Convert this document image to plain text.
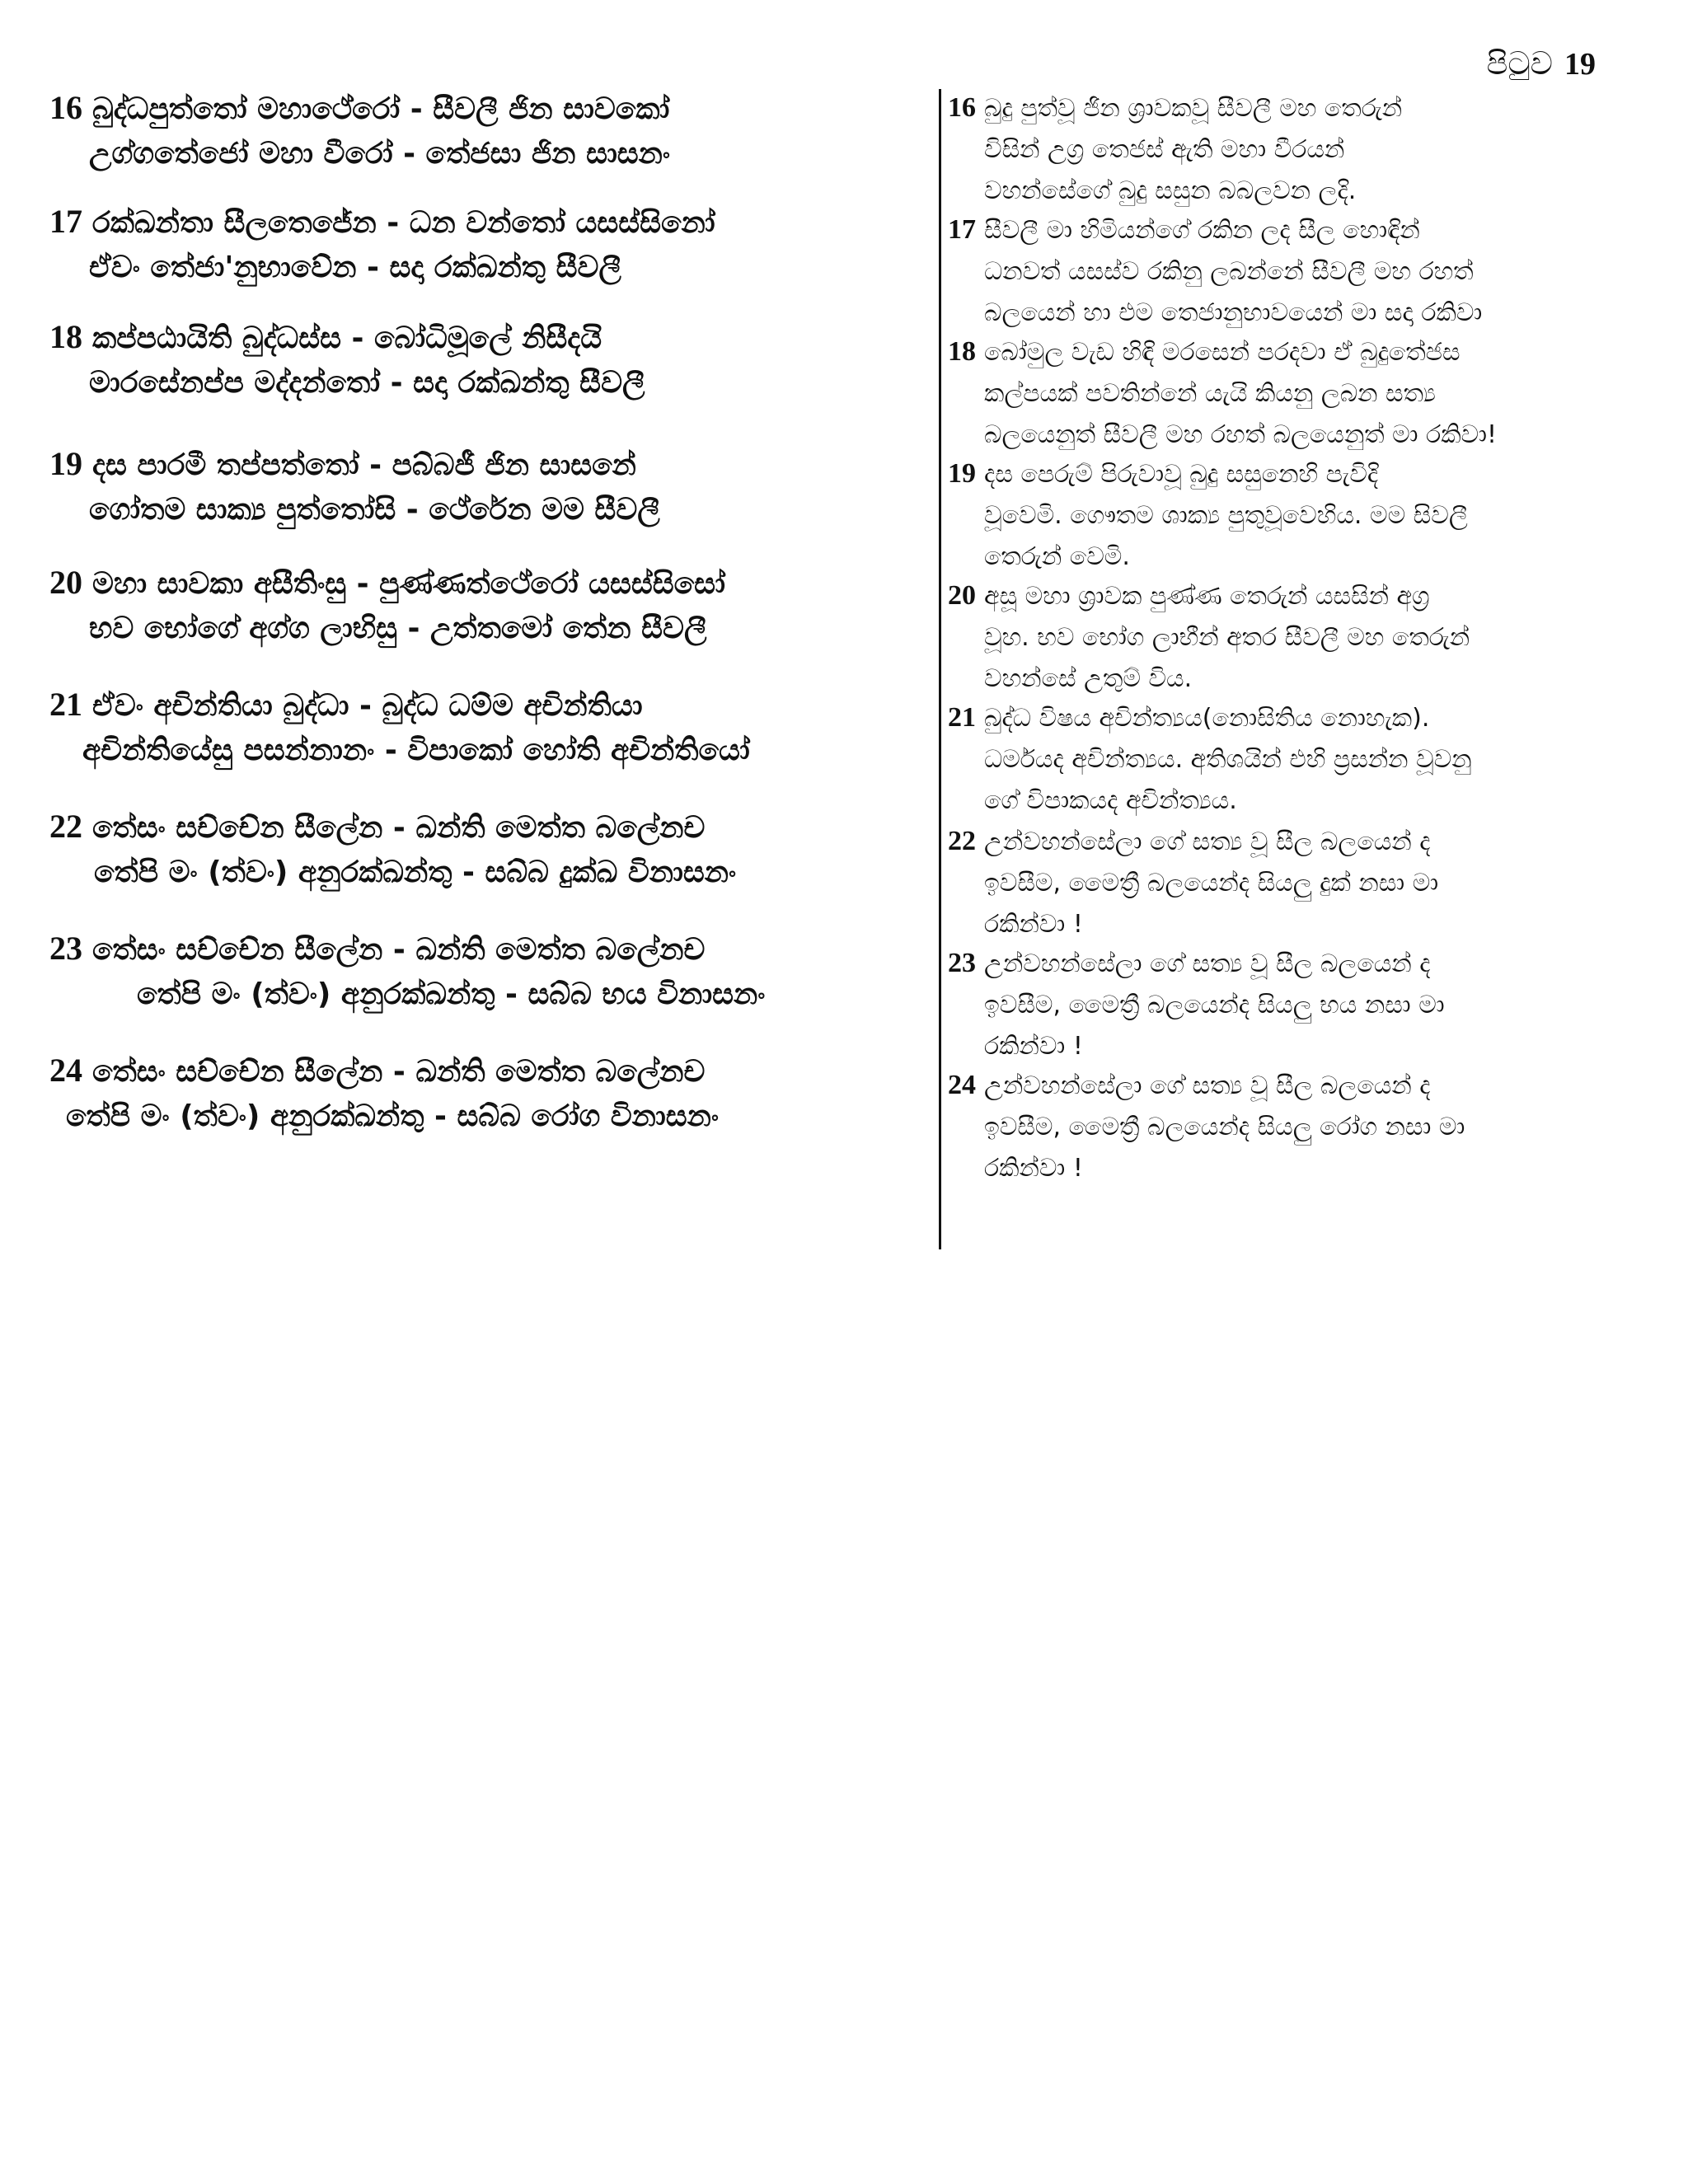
පිටුව 19
16 බුද්ධපුත්තෝ මහාථේරෝ - සීවලී ජින සාවකෝ
උග්ගතේජෝ මහා වීරෝ - තේජසා ජින සාසනං
17 රක්ඛන්තා සීලතෙජේන - ධන වන්තෝ යසස්සිනෝ
ඒවං තේජා'නුභාවේන - සදා රක්ඛන්තු සීවලී
18 කප්පඨායිති බුද්ධස්ස - බෝධිමූලේ නිසීදයි
මාරසේනප්ප මද්දන්තෝ - සදා රක්ඛන්තු සීවලී
19 දස පාරමී තප්පත්තෝ - පබ්බජී ජින සාසනේ
ගෝතම සාක්‍ය පුත්තෝසි - ථේරේන මම සීවලී
20 මහා සාවකා අසීතිංසු - පුණ්ණත්ථේරෝ යසස්සිසෝ
භව භෝගේ අග්ග ලාභිසු - උත්තමෝ තේන සීවලී
21 ඒවං අචින්තියා බුද්ධා - බුද්ධ ධම්ම අචින්තියා
අචින්තියේසු පසන්නානං - විපාකෝ හෝති අචින්තියෝ
22 තේසං සච්චේන සීලේන - ඛන්ති මෙත්ත බලේනච
තේපි මං (ත්වං) අනුරක්ඛන්තු - සබ්බ දුක්ඛ විනාසනං
23 තේසං සච්චේන සීලේන - ඛන්ති මෙත්ත බලේනච
තේපි මං (ත්වං) අනුරක්ඛන්තු - සබ්බ භය විනාසනං
24 තේසං සච්චේන සීලේන - ඛන්ති මෙත්ත බලේනච
තේපි මං (ත්වං) අනුරක්ඛන්තු - සබ්බ රෝග විනාසනං
16 බුදු පුත්වූ ජින ශ්‍රාවකවූ සීවලී මහ තෙරුන්
විසින් උග්‍ර තෙජස් ඇති මහා වීරයන්
වහන්සේගේ බුදු සසුන බබලවන ලදි.
17 සීවලී මා හිමියන්ගේ රකින ලද සීල හොඳින්
ධනවත් යසස්ව රකිනු ලබන්නේ සීවලී මහ රහත්
බලයෙන් හා එම තෙජානුභාවයෙන් මා සදා රකිවා
18 බෝමුල වැඩ හිඳි මරසෙන් පරදවා ඒ බුදුතේජස
කල්පයක් පවතින්නේ යැයි කියනු ලබන සත්‍ය
බලයෙනුත් සීවලී මහ රහත් බලයෙනුත් මා රකිවා!
19 දස පෙරුම් පිරුවාවූ බුදු සසුනෙහි පැවිදි
වූවෙමි. ගෞතම ශාක්‍ය පුතුවූවෙහිය. මම සිවලී
තෙරුන් වෙමි.
20 අසූ මහා ශ්‍රාවක පුණ්ණ තෙරුන් යසසින් අග්‍ර
වූහ. භව භෝග ලාභීන් අතර සීවලී මහ තෙරුන්
වහන්සේ උතුම් විය.
21 බුද්ධ විෂය අචින්ත්‍යය(නොසිතිය නොහැක).
ධර්මයද අචින්ත්‍යය. අතිශයින් එහි ප්‍රසන්න වූවනු
ගේ විපාකයද අචින්ත්‍යය.
22 උන්වහන්සේලා ගේ සත්‍ය වූ සීල බලයෙන් ද
ඉවසීම, මෛත්‍රී බලයෙන්ද සියලු දුක් නසා මා
රකින්වා !
23 උන්වහන්සේලා ගේ සත්‍ය වූ සීල බලයෙන් ද
ඉවසීම, මෛත්‍රී බලයෙන්ද සියලු භය නසා මා
රකින්වා !
24 උන්වහන්සේලා ගේ සත්‍ය වූ සීල බලයෙන් ද
ඉවසීම, මෛත්‍රී බලයෙන්ද සියලු රෝග නසා මා
රකින්වා !
